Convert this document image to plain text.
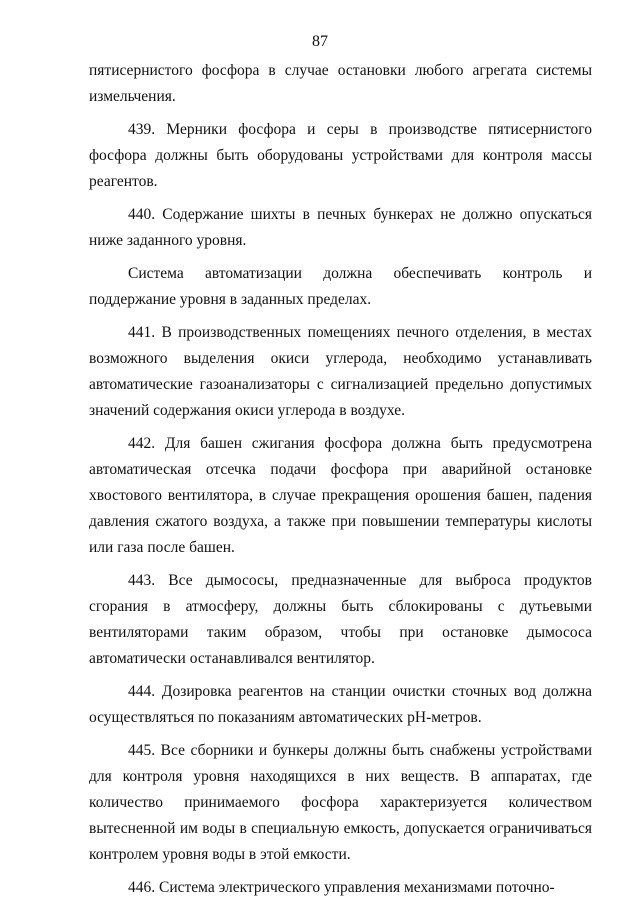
87

пятисернистого фосфора в случае остановки любого агрегата системы измельчения.

439. Мерники фосфора и серы в производстве пятисернистого фосфора должны быть оборудованы устройствами для контроля массы реагентов.

440. Содержание шихты в печных бункерах не должно опускаться ниже заданного уровня.

Система автоматизации должна обеспечивать контроль и поддержание уровня в заданных пределах.

441. В производственных помещениях печного отделения, в местах возможного выделения окиси углерода, необходимо устанавливать автоматические газоанализаторы с сигнализацией предельно допустимых значений содержания окиси углерода в воздухе.

442. Для башен сжигания фосфора должна быть предусмотрена автоматическая отсечка подачи фосфора при аварийной остановке хвостового вентилятора, в случае прекращения орошения башен, падения давления сжатого воздуха, а также при повышении температуры кислоты или газа после башен.

443. Все дымососы, предназначенные для выброса продуктов сгорания в атмосферу, должны быть сблокированы с дутьевыми вентиляторами таким образом, чтобы при остановке дымососа автоматически останавливался вентилятор.

444. Дозировка реагентов на станции очистки сточных вод должна осуществляться по показаниям автоматических pH-метров.

445. Все сборники и бункеры должны быть снабжены устройствами для контроля уровня находящихся в них веществ. В аппаратах, где количество принимаемого фосфора характеризуется количеством вытесненной им воды в специальную емкость, допускается ограничиваться контролем уровня воды в этой емкости.

446. Система электрического управления механизмами поточно-
